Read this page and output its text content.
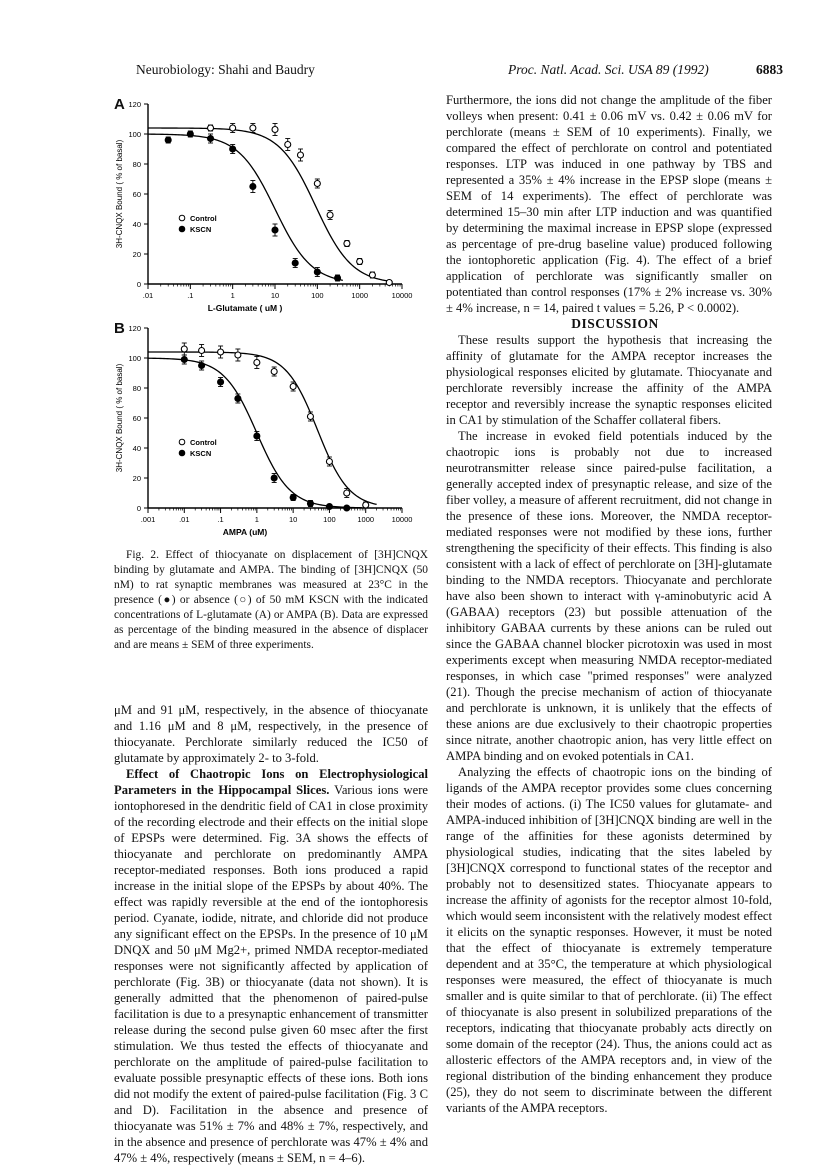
Neurobiology: Shahi and Baudry	Proc. Natl. Acad. Sci. USA 89 (1992)	6883
A
0
20
40
60
80
100
120
.01	.1	1	10	100	1000	10000
3H-CNQX Bound ( % of basal)
L-Glutamate ( uM )
Control
KSCN
B
0
20
40
60
80
100
120
.001	.01	.1	1	10	100	1000 10000
3H-CNQX Bound ( % of basal)
AMPA (uM)
Control
KSCN

Fig. 2. Effect of thiocyanate on displacement of [3H]CNQX binding by glutamate and AMPA. The binding of [3H]CNQX (50 nM) to rat synaptic membranes was measured at 23°C in the presence (●) or absence (○) of 50 mM KSCN with the indicated concentrations of L-glutamate (A) or AMPA (B). Data are expressed as percentage of the binding measured in the absence of displacer and are means ± SEM of three experiments.

μM and 91 μM, respectively, in the absence of thiocyanate and 1.16 μM and 8 μM, respectively, in the presence of thiocyanate. Perchlorate similarly reduced the IC50 of glutamate by approximately 2- to 3-fold.

Effect of Chaotropic Ions on Electrophysiological Parameters in the Hippocampal Slices. Various ions were iontophoresed in the dendritic field of CA1 in close proximity of the recording electrode and their effects on the initial slope of EPSPs were determined. Fig. 3A shows the effects of thiocyanate and perchlorate on predominantly AMPA receptor-mediated responses. Both ions produced a rapid increase in the initial slope of the EPSPs by about 40%. The effect was rapidly reversible at the end of the iontophoresis period. Cyanate, iodide, nitrate, and chloride did not produce any significant effect on the EPSPs. In the presence of 10 μM DNQX and 50 μM Mg2+, primed NMDA receptor-mediated responses were not significantly affected by application of perchlorate (Fig. 3B) or thiocyanate (data not shown). It is generally admitted that the phenomenon of paired-pulse facilitation is due to a presynaptic enhancement of transmitter release during the second pulse given 60 msec after the first stimulation. We thus tested the effects of thiocyanate and perchlorate on the amplitude of paired-pulse facilitation to evaluate possible presynaptic effects of these ions. Both ions did not modify the extent of paired-pulse facilitation (Fig. 3 C and D). Facilitation in the absence and presence of thiocyanate was 51% ± 7% and 48% ± 7%, respectively, and in the absence and presence of perchlorate was 47% ± 4% and 47% ± 4%, respectively (means ± SEM, n = 4–6).

Furthermore, the ions did not change the amplitude of the fiber volleys when present: 0.41 ± 0.06 mV vs. 0.42 ± 0.06 mV for perchlorate (means ± SEM of 10 experiments). Finally, we compared the effect of perchlorate on control and potentiated responses. LTP was induced in one pathway by TBS and represented a 35% ± 4% increase in the EPSP slope (means ± SEM of 14 experiments). The effect of perchlorate was determined 15–30 min after LTP induction and was quantified by determining the maximal increase in EPSP slope (expressed as percentage of pre-drug baseline value) produced following the iontophoretic application (Fig. 4). The effect of a brief application of perchlorate was significantly smaller on potentiated than control responses (17% ± 2% increase vs. 30% ± 4% increase, n = 14, paired t values = 5.26, P < 0.0002).

DISCUSSION

These results support the hypothesis that increasing the affinity of glutamate for the AMPA receptor increases the physiological responses elicited by glutamate. Thiocyanate and perchlorate reversibly increase the affinity of the AMPA receptor and reversibly increase the synaptic responses elicited in CA1 by stimulation of the Schaffer collateral fibers.

The increase in evoked field potentials induced by the chaotropic ions is probably not due to increased neurotransmitter release since paired-pulse facilitation, a generally accepted index of presynaptic release, and size of the fiber volley, a measure of afferent recruitment, did not change in the presence of these ions. Moreover, the NMDA receptor-mediated responses were not modified by these ions, further strengthening the specificity of their effects. This finding is also consistent with a lack of effect of perchlorate on [3H]-glutamate binding to the NMDA receptors. Thiocyanate and perchlorate have also been shown to interact with γ-aminobutyric acid A (GABAA) receptors (23) but possible attenuation of the inhibitory GABAA currents by these anions can be ruled out since the GABAA channel blocker picrotoxin was used in most experiments except when measuring NMDA receptor-mediated responses, in which case "primed responses" were analyzed (21). Though the precise mechanism of action of thiocyanate and perchlorate is unknown, it is unlikely that the effects of these anions are due exclusively to their chaotropic properties since nitrate, another chaotropic anion, has very little effect on AMPA binding and on evoked potentials in CA1.

Analyzing the effects of chaotropic ions on the binding of ligands of the AMPA receptor provides some clues concerning their modes of actions. (i) The IC50 values for glutamate- and AMPA-induced inhibition of [3H]CNQX binding are well in the range of the affinities for these agonists determined by physiological studies, indicating that the sites labeled by [3H]CNQX correspond to functional states of the receptor and probably not to desensitized states. Thiocyanate appears to increase the affinity of agonists for the receptor almost 10-fold, which would seem inconsistent with the relatively modest effect it elicits on the synaptic responses. However, it must be noted that the effect of thiocyanate is extremely temperature dependent and at 35°C, the temperature at which physiological responses were measured, the effect of thiocyanate is much smaller and is quite similar to that of perchlorate. (ii) The effect of thiocyanate is also present in solubilized preparations of the receptors, indicating that thiocyanate probably acts directly on some domain of the receptor (24). Thus, the anions could act as allosteric effectors of the AMPA receptors and, in view of the regional distribution of the binding enhancement they produce (25), they do not seem to discriminate between the different variants of the AMPA receptors.
